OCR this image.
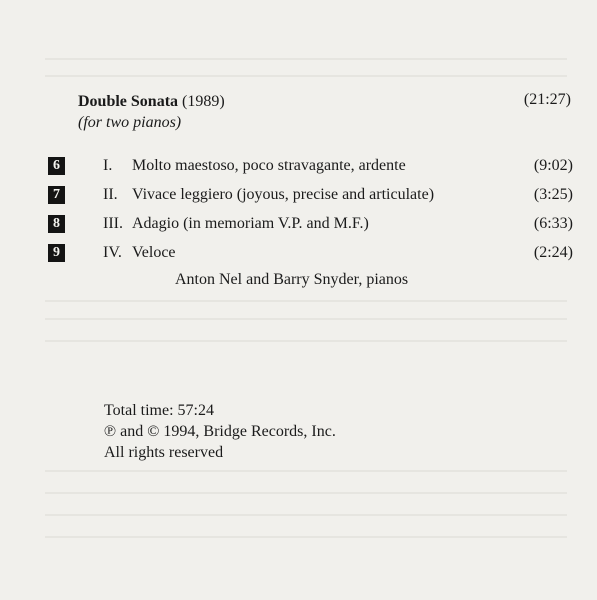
Double Sonata (1989)
(for two pianos)
(21:27)
6	I.	Molto maestoso, poco stravagante, ardente	(9:02)
7	II. Vivace leggiero (joyous, precise and articulate)	(3:25)
8	III. Adagio (in memoriam V.P. and M.F.)	(6:33)
9	IV. Veloce	(2:24)
Anton Nel and Barry Snyder, pianos
Total time: 57:24
℗ and © 1994, Bridge Records, Inc.
All rights reserved
